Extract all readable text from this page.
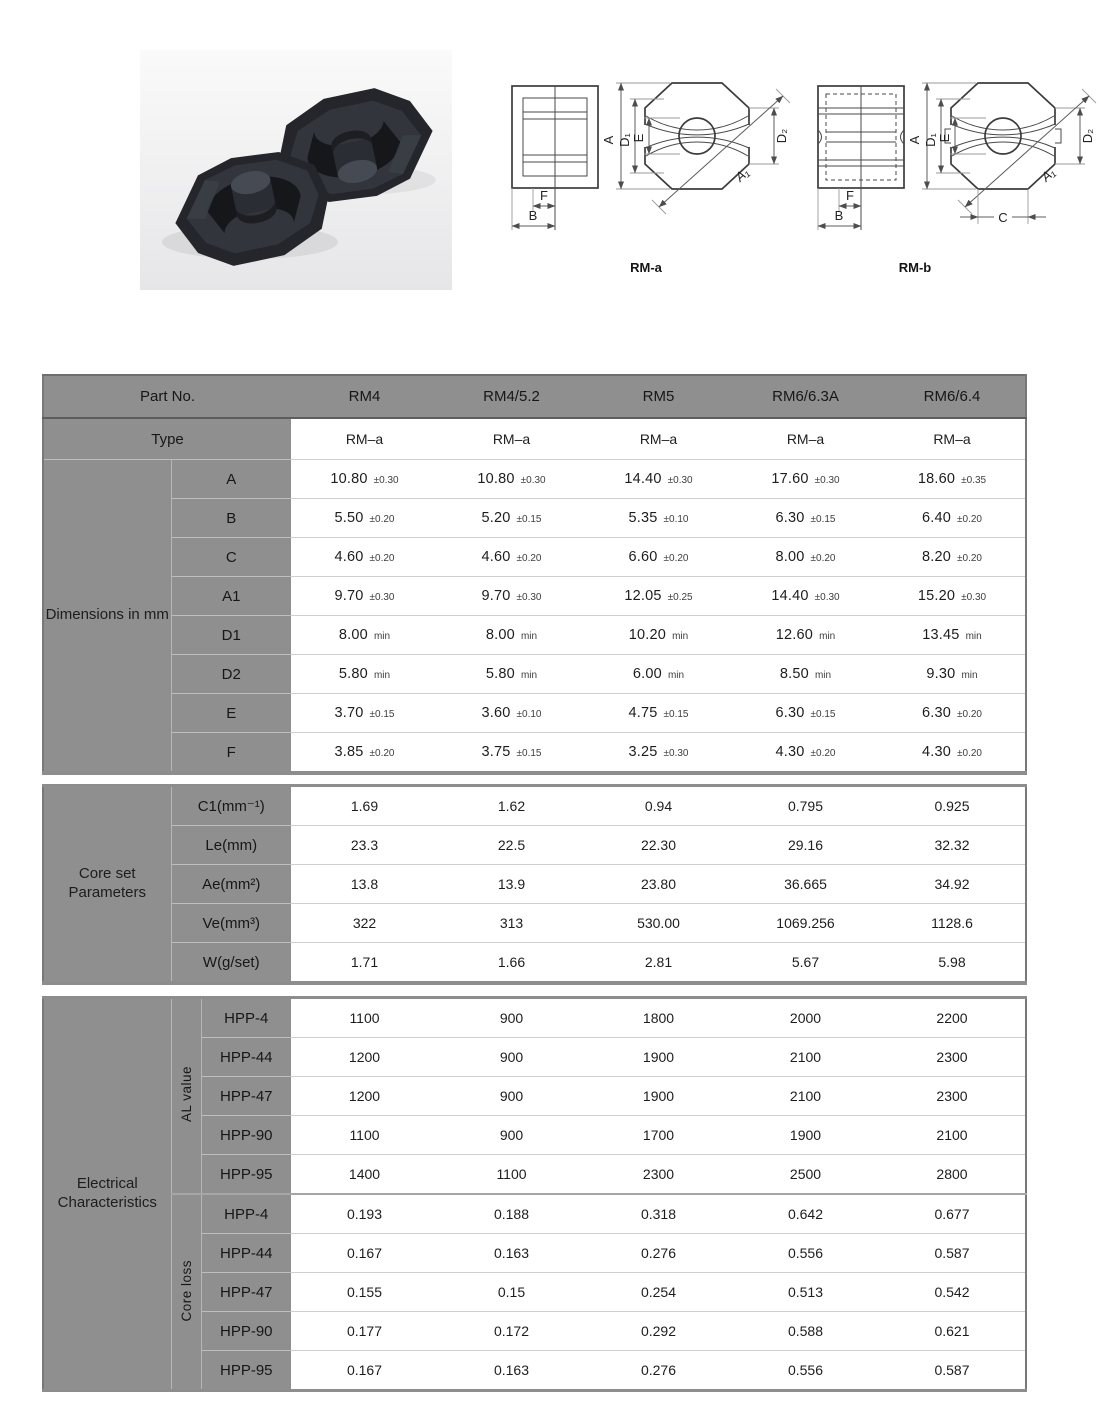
F
B
A D₁ E	D₂
A₁
RM-a
F
B
A D₁ E	D₂
A₁
C
RM-b
Part No.		RM4	RM4/5.2	RM5	RM6/6.3A	RM6/6.4
Type		RM–a	RM–a	RM–a	RM–a	RM–a
Dimensions in mm	A	10.80 ±0.30	10.80 ±0.30	14.40 ±0.30	17.60 ±0.30	18.60 ±0.35

	B	5.50 ±0.20	5.20 ±0.15	5.35 ±0.10	6.30 ±0.15	6.40 ±0.20

	C	4.60 ±0.20	4.60 ±0.20	6.60 ±0.20	8.00 ±0.20	8.20 ±0.20

	A1	9.70 ±0.30	9.70 ±0.30	12.05 ±0.25	14.40 ±0.30	15.20 ±0.30

	D1	8.00 min	8.00 min	10.20 min	12.60 min	13.45 min

	D2	5.80 min	5.80 min	6.00 min	8.50 min	9.30 min

	E	3.70 ±0.15	3.60 ±0.10	4.75 ±0.15	6.30 ±0.15	6.30 ±0.20

	F	3.85 ±0.20	3.75 ±0.15	3.25 ±0.30	4.30 ±0.20	4.30 ±0.20
Core set Parameters	C1(mm⁻¹)	1.69	1.62	0.94	0.795	0.925
	Le(mm)	23.3	22.5	22.30	29.16	32.32
	Ae(mm²)	13.8	13.9	23.80	36.665	34.92
	Ve(mm³)	322	313	530.00	1069.256	1128.6
	W(g/set)	1.71	1.66	2.81	5.67	5.98
Electrical Characteristics	AL value	HPP-4	1100	900	1800	2000	2200
		HPP-44	1200	900	1900	2100	2300
		HPP-47	1200	900	1900	2100	2300
		HPP-90	1100	900	1700	1900	2100
		HPP-95	1400	1100	2300	2500	2800
	Core loss	HPP-4	0.193	0.188	0.318	0.642	0.677
		HPP-44	0.167	0.163	0.276	0.556	0.587
		HPP-47	0.155	0.15	0.254	0.513	0.542
		HPP-90	0.177	0.172	0.292	0.588	0.621
		HPP-95	0.167	0.163	0.276	0.556	0.587
